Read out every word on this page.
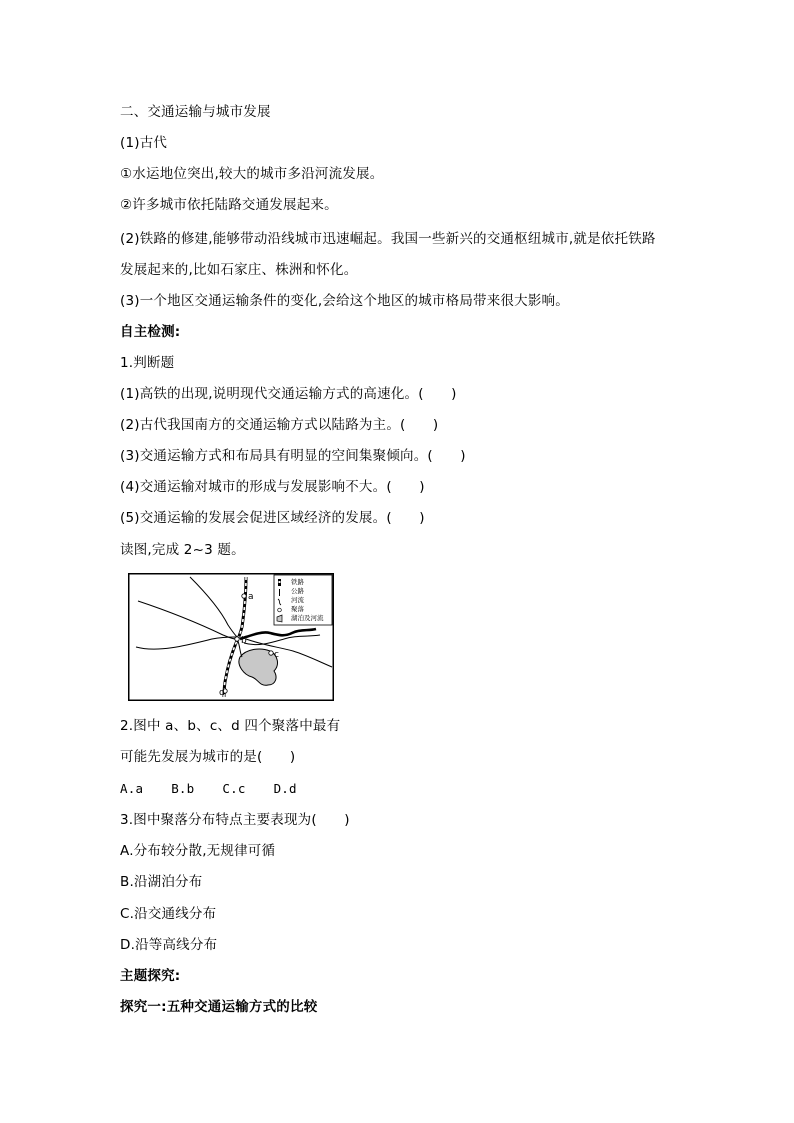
二、交通运输与城市发展
(1)古代
①水运地位突出,较大的城市多沿河流发展。
②许多城市依托陆路交通发展起来。
(2)铁路的修建,能够带动沿线城市迅速崛起。我国一些新兴的交通枢纽城市,就是依托铁路
发展起来的,比如石家庄、株洲和怀化。
(3)一个地区交通运输条件的变化,会给这个地区的城市格局带来很大影响。
自主检测:
1.判断题
(1)高铁的出现,说明现代交通运输方式的高速化。(　　)
(2)古代我国南方的交通运输方式以陆路为主。(　　)
(3)交通运输方式和布局具有明显的空间集聚倾向。(　　)
(4)交通运输对城市的形成与发展影响不大。(　　)
(5)交通运输的发展会促进区域经济的发展。(　　)
读图,完成 2~3 题。
a
b
c
d
铁路
公路
河流
聚落
湖泊及河流
2.图中 a、b、c、d 四个聚落中最有
可能先发展为城市的是(　　)
A.a B.b C.c D.d
3.图中聚落分布特点主要表现为(　　)
A.分布较分散,无规律可循
B.沿湖泊分布
C.沿交通线分布
D.沿等高线分布
主题探究:
探究一:五种交通运输方式的比较
